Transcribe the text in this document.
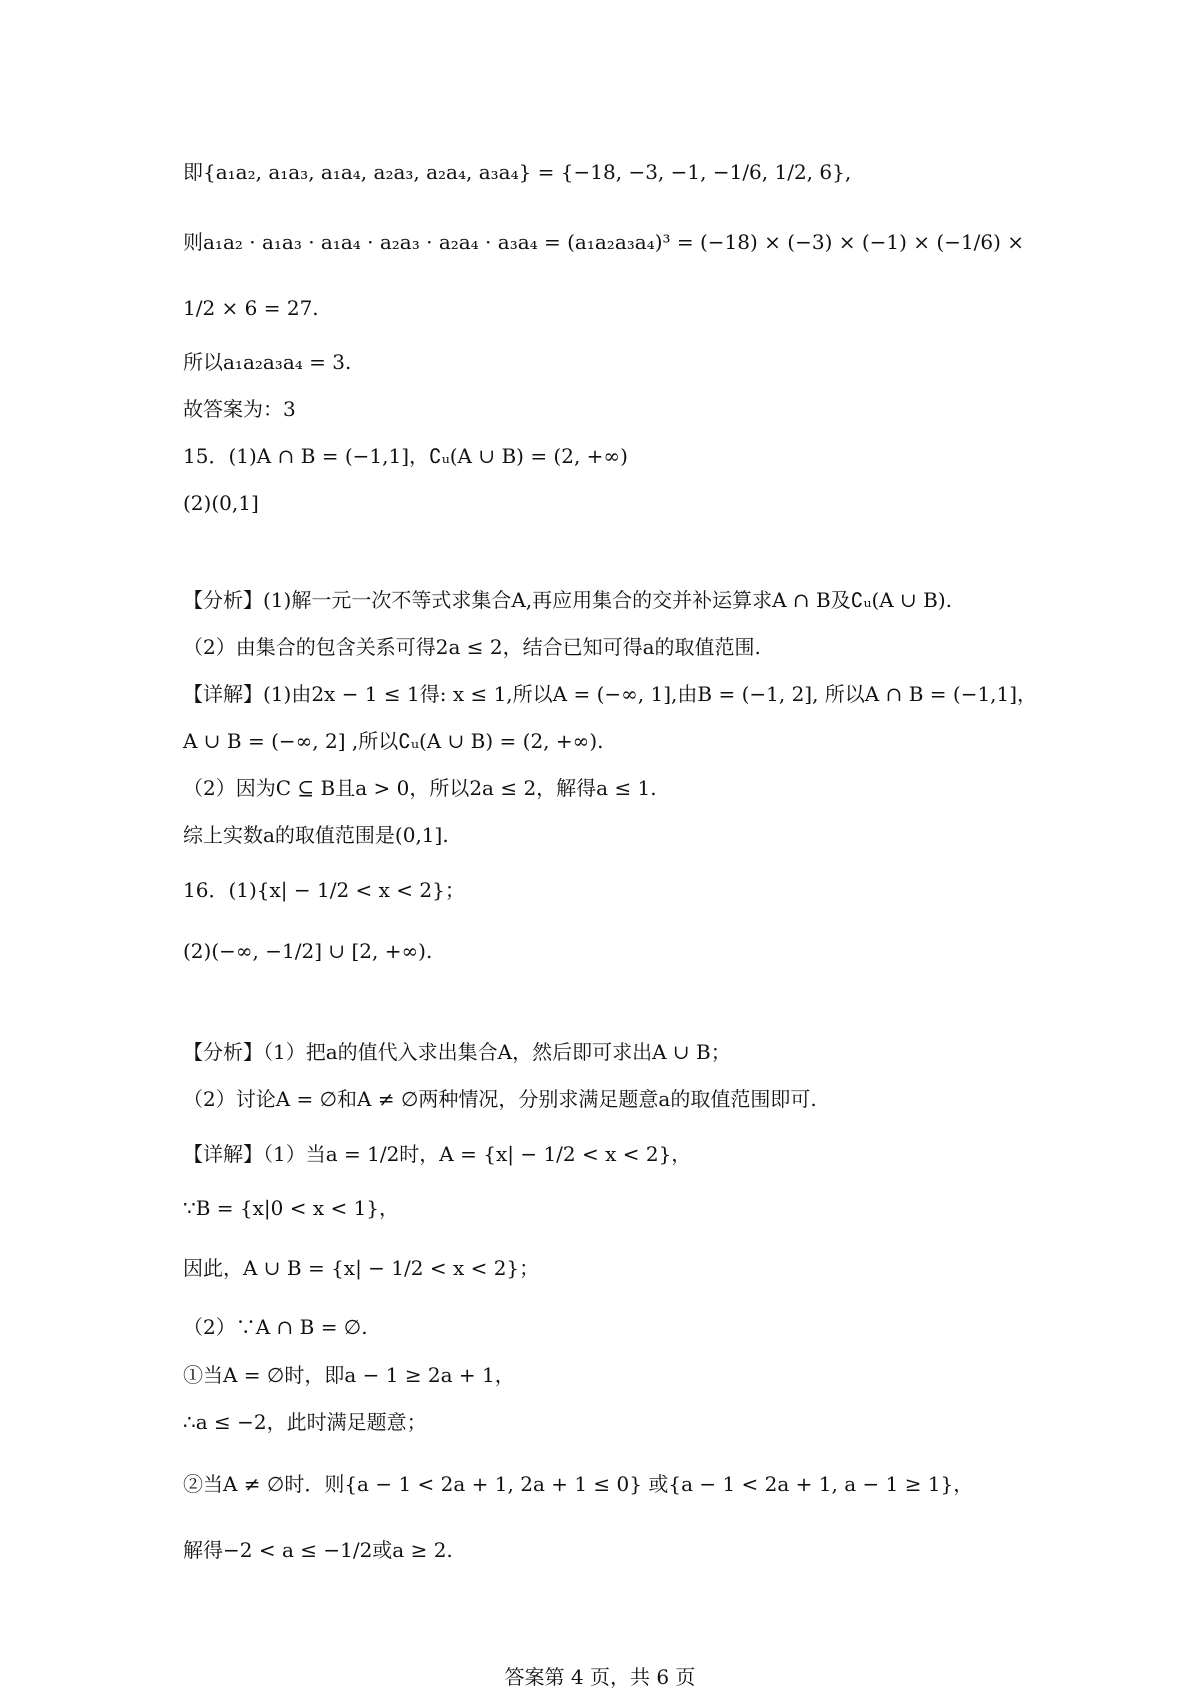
即{a₁a₂, a₁a₃, a₁a₄, a₂a₃, a₂a₄, a₃a₄} = {−18, −3, −1, −1/6, 1/2, 6},
则a₁a₂ · a₁a₃ · a₁a₄ · a₂a₃ · a₂a₄ · a₃a₄ = (a₁a₂a₃a₄)³ = (−18) × (−3) × (−1) × (−1/6) ×
1/2 × 6 = 27.
所以a₁a₂a₃a₄ = 3.
故答案为：3
15．(1)A ∩ B = (−1,1]，∁ᵤ(A ∪ B) = (2, +∞)
(2)(0,1]
【分析】(1)解一元一次不等式求集合A,再应用集合的交并补运算求A ∩ B及∁ᵤ(A ∪ B).
（2）由集合的包含关系可得2a ≤ 2，结合已知可得a的取值范围.
【详解】(1)由2x − 1 ≤ 1得: x ≤ 1,所以A = (−∞, 1],由B = (−1, 2], 所以A ∩ B = (−1,1]，
A ∪ B = (−∞, 2] ,所以∁ᵤ(A ∪ B) = (2, +∞).
（2）因为C ⊆ B且a > 0，所以2a ≤ 2，解得a ≤ 1.
综上实数a的取值范围是(0,1].
16．(1){x| − 1/2 < x < 2}；
(2)(−∞, −1/2] ∪ [2, +∞).
【分析】（1）把a的值代入求出集合A，然后即可求出A ∪ B；
（2）讨论A = ∅和A ≠ ∅两种情况，分别求满足题意a的取值范围即可.
【详解】（1）当a = 1/2时，A = {x| − 1/2 < x < 2}，
∵B = {x|0 < x < 1}，
因此，A ∪ B = {x| − 1/2 < x < 2}；
（2）∵A ∩ B = ∅.
①当A = ∅时，即a − 1 ≥ 2a + 1，
∴a ≤ −2，此时满足题意；
②当A ≠ ∅时．则{a − 1 < 2a + 1, 2a + 1 ≤ 0} 或{a − 1 < 2a + 1, a − 1 ≥ 1}，
解得−2 < a ≤ −1/2或a ≥ 2.
答案第 4 页，共 6 页
